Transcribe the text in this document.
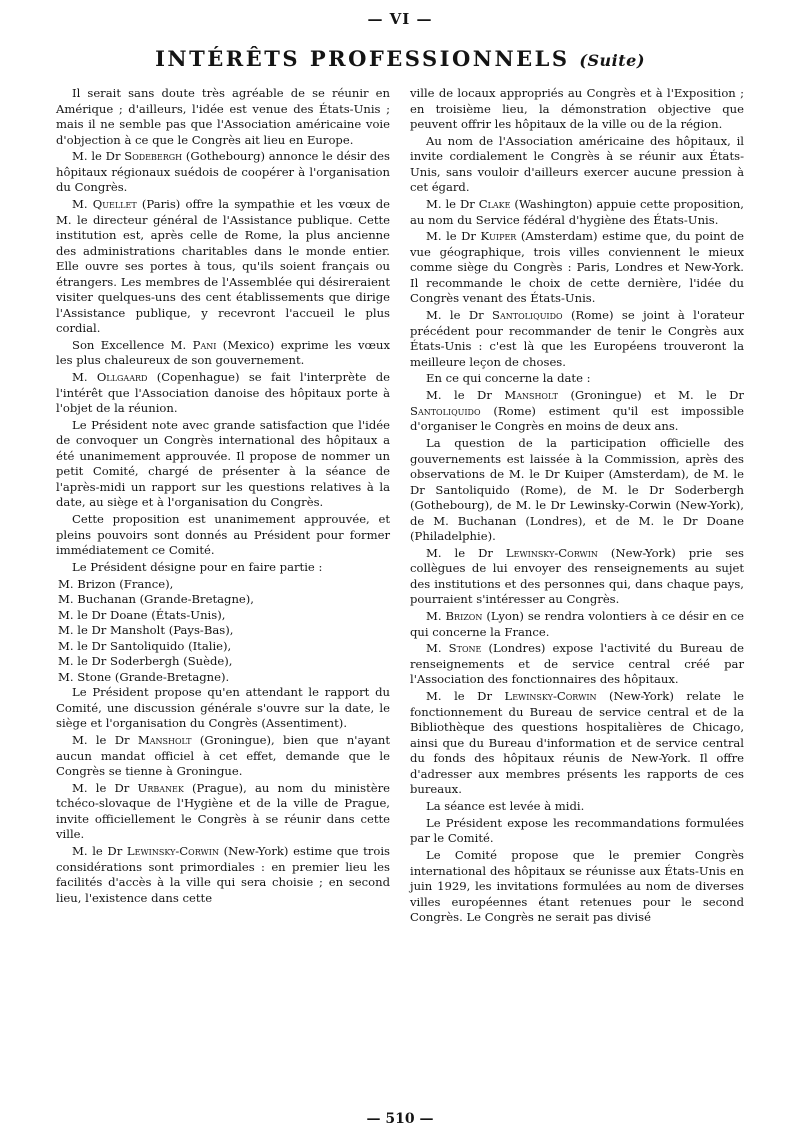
— VI —
INTÉRÊTS PROFESSIONNELS (Suite)

Il serait sans doute très agréable de se réunir en Amérique ; d'ailleurs, l'idée est venue des États-Unis ; mais il ne semble pas que l'Association américaine voie d'objection à ce que le Congrès ait lieu en Europe.

M. le Dr Sodebergh (Gothebourg) annonce le désir des hôpitaux régionaux suédois de coopérer à l'organisation du Congrès.

M. Quellet (Paris) offre la sympathie et les vœux de M. le directeur général de l'Assistance publique. Cette institution est, après celle de Rome, la plus ancienne des administrations charitables dans le monde entier. Elle ouvre ses portes à tous, qu'ils soient français ou étrangers. Les membres de l'Assemblée qui désireraient visiter quelques-uns des cent établissements que dirige l'Assistance publique, y recevront l'accueil le plus cordial.

Son Excellence M. Pani (Mexico) exprime les vœux les plus chaleureux de son gouvernement.

M. Ollgaard (Copenhague) se fait l'interprète de l'intérêt que l'Association danoise des hôpitaux porte à l'objet de la réunion.

Le Président note avec grande satisfaction que l'idée de convoquer un Congrès international des hôpitaux a été unanimement approuvée. Il propose de nommer un petit Comité, chargé de présenter à la séance de l'après-midi un rapport sur les questions relatives à la date, au siège et à l'organisation du Congrès.

Cette proposition est unanimement approuvée, et pleins pouvoirs sont donnés au Président pour former immédiatement ce Comité.

Le Président désigne pour en faire partie :

M. Brizon (France),

M. Buchanan (Grande-Bretagne),

M. le Dr Doane (États-Unis),

M. le Dr Mansholt (Pays-Bas),

M. le Dr Santoliquido (Italie),

M. le Dr Soderbergh (Suède),

M. Stone (Grande-Bretagne).

Le Président propose qu'en attendant le rapport du Comité, une discussion générale s'ouvre sur la date, le siège et l'organisation du Congrès (Assentiment).

M. le Dr Mansholt (Groningue), bien que n'ayant aucun mandat officiel à cet effet, demande que le Congrès se tienne à Groningue.

M. le Dr Urbanek (Prague), au nom du ministère tchéco-slovaque de l'Hygiène et de la ville de Prague, invite officiellement le Congrès à se réunir dans cette ville.

M. le Dr Lewinsky-Corwin (New-York) estime que trois considérations sont primordiales : en premier lieu les facilités d'accès à la ville qui sera choisie ; en second lieu, l'existence dans cette

ville de locaux appropriés au Congrès et à l'Exposition ; en troisième lieu, la démonstration objective que peuvent offrir les hôpitaux de la ville ou de la région.

Au nom de l'Association américaine des hôpitaux, il invite cordialement le Congrès à se réunir aux États-Unis, sans vouloir d'ailleurs exercer aucune pression à cet égard.

M. le Dr Clake (Washington) appuie cette proposition, au nom du Service fédéral d'hygiène des États-Unis.

M. le Dr Kuiper (Amsterdam) estime que, du point de vue géographique, trois villes conviennent le mieux comme siège du Congrès : Paris, Londres et New-York. Il recommande le choix de cette dernière, l'idée du Congrès venant des États-Unis.

M. le Dr Santoliquido (Rome) se joint à l'orateur précédent pour recommander de tenir le Congrès aux États-Unis : c'est là que les Européens trouveront la meilleure leçon de choses.

En ce qui concerne la date :

M. le Dr Mansholt (Groningue) et M. le Dr Santoliquido (Rome) estiment qu'il est impossible d'organiser le Congrès en moins de deux ans.

La question de la participation officielle des gouvernements est laissée à la Commission, après des observations de M. le Dr Kuiper (Amsterdam), de M. le Dr Santoliquido (Rome), de M. le Dr Soderbergh (Gothebourg), de M. le Dr Lewinsky-Corwin (New-York), de M. Buchanan (Londres), et de M. le Dr Doane (Philadelphie).

M. le Dr Lewinsky-Corwin (New-York) prie ses collègues de lui envoyer des renseignements au sujet des institutions et des personnes qui, dans chaque pays, pourraient s'intéresser au Congrès.

M. Brizon (Lyon) se rendra volontiers à ce désir en ce qui concerne la France.

M. Stone (Londres) expose l'activité du Bureau de renseignements et de service central créé par l'Association des fonctionnaires des hôpitaux.

M. le Dr Lewinsky-Corwin (New-York) relate le fonctionnement du Bureau de service central et de la Bibliothèque des questions hospitalières de Chicago, ainsi que du Bureau d'information et de service central du fonds des hôpitaux réunis de New-York. Il offre d'adresser aux membres présents les rapports de ces bureaux.

La séance est levée à midi.

Le Président expose les recommandations formulées par le Comité.

Le Comité propose que le premier Congrès international des hôpitaux se réunisse aux États-Unis en juin 1929, les invitations formulées au nom de diverses villes européennes étant retenues pour le second Congrès. Le Congrès ne serait pas divisé

— 510 —
